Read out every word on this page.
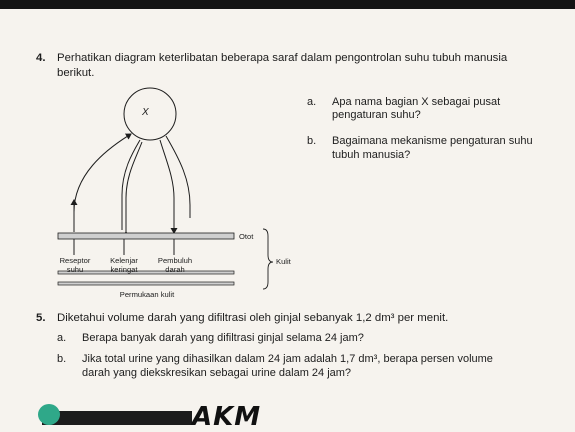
4. Perhatikan diagram keterlibatan beberapa saraf dalam pengontrolan suhu tubuh manusia
berikut.
a. Apa nama bagian X sebagai pusat
pengaturan suhu?
b. Bagaimana mekanisme pengaturan suhu
tubuh manusia?
X
Otot
Kulit
Reseptor
suhu
Kelenjar
keringat
Pembuluh
darah
Permukaan kulit
5. Diketahui volume darah yang difiltrasi oleh ginjal sebanyak 1,2 dm³ per menit.
a. Berapa banyak darah yang difiltrasi ginjal selama 24 jam?
b. Jika total urine yang dihasilkan dalam 24 jam adalah 1,7 dm³, berapa persen volume
darah yang diekskresikan sebagai urine dalam 24 jam?
AKM
